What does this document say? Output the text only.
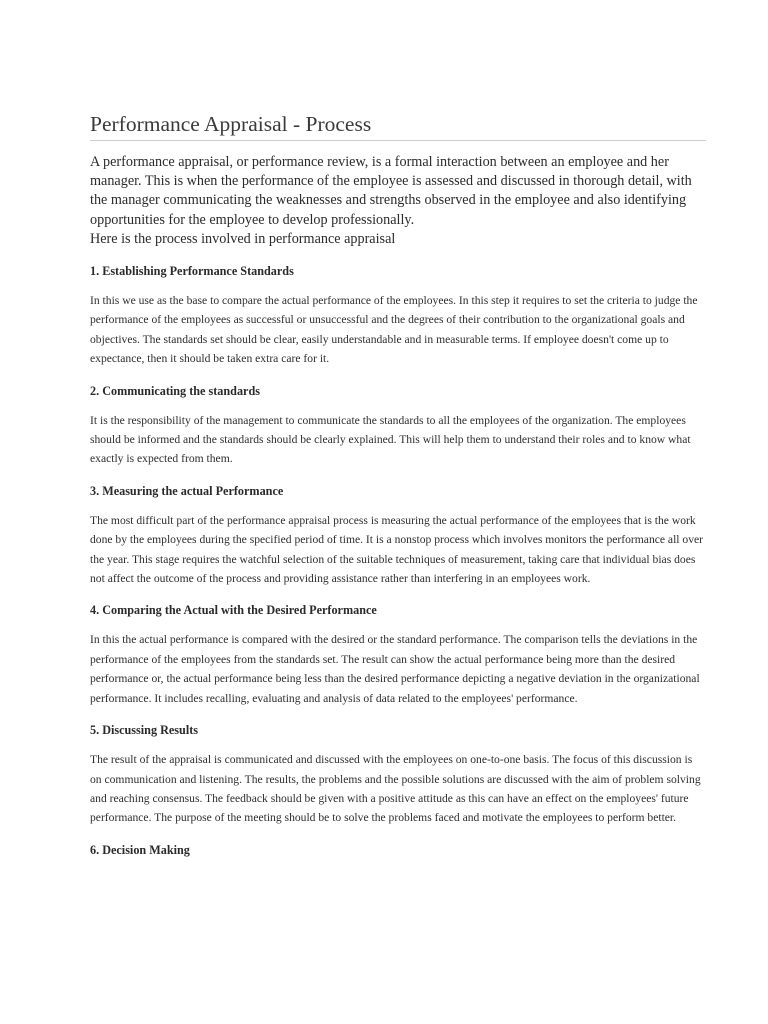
Performance Appraisal - Process

A performance appraisal, or performance review, is a formal interaction between an employee and her manager. This is when the performance of the employee is assessed and discussed in thorough detail, with the manager communicating the weaknesses and strengths observed in the employee and also identifying opportunities for the employee to develop professionally.

Here is the process involved in performance appraisal

1. Establishing Performance Standards
In this we use as the base to compare the actual performance of the employees. In this step it requires to set the criteria to judge the performance of the employees as successful or unsuccessful and the degrees of their contribution to the organizational goals and objectives. The standards set should be clear, easily understandable and in measurable terms. If employee doesn't come up to expectance, then it should be taken extra care for it.
2. Communicating the standards
It is the responsibility of the management to communicate the standards to all the employees of the organization. The employees should be informed and the standards should be clearly explained. This will help them to understand their roles and to know what exactly is expected from them.
3. Measuring the actual Performance
The most difficult part of the performance appraisal process is measuring the actual performance of the employees that is the work done by the employees during the specified period of time. It is a nonstop process which involves monitors the performance all over the year. This stage requires the watchful selection of the suitable techniques of measurement, taking care that individual bias does not affect the outcome of the process and providing assistance rather than interfering in an employees work.
4. Comparing the Actual with the Desired Performance
In this the actual performance is compared with the desired or the standard performance. The comparison tells the deviations in the performance of the employees from the standards set. The result can show the actual performance being more than the desired performance or, the actual performance being less than the desired performance depicting a negative deviation in the organizational performance. It includes recalling, evaluating and analysis of data related to the employees' performance.
5. Discussing Results
The result of the appraisal is communicated and discussed with the employees on one-to-one basis. The focus of this discussion is on communication and listening. The results, the problems and the possible solutions are discussed with the aim of problem solving and reaching consensus. The feedback should be given with a positive attitude as this can have an effect on the employees' future performance. The purpose of the meeting should be to solve the problems faced and motivate the employees to perform better.
6. Decision Making
